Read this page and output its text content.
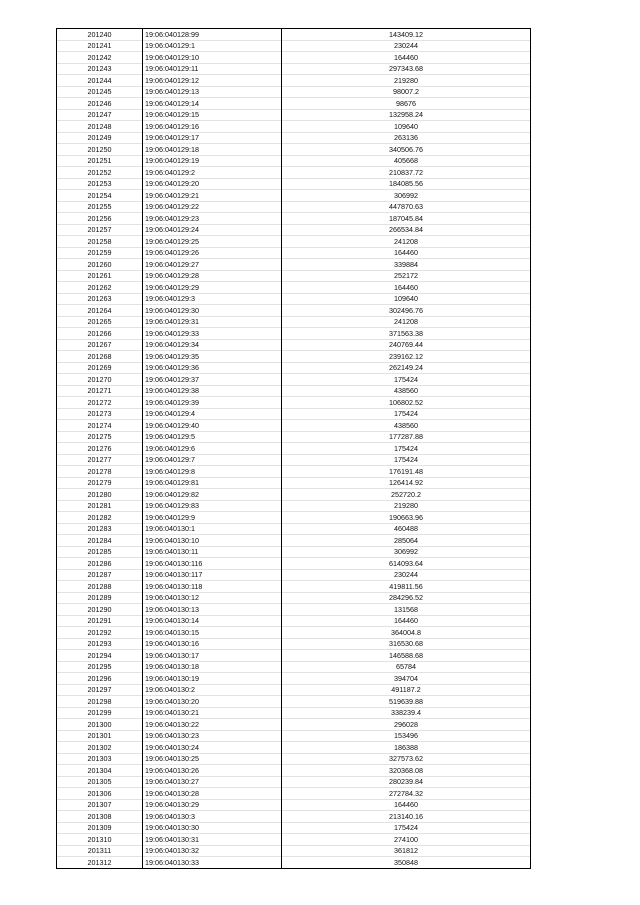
201240	19:06:040128:99	143409.12
201241	19:06:040129:1	230244
201242	19:06:040129:10	164460
201243	19:06:040129:11	297343.68
201244	19:06:040129:12	219280
201245	19:06:040129:13	98007.2
201246	19:06:040129:14	98676
201247	19:06:040129:15	132958.24
201248	19:06:040129:16	109640
201249	19:06:040129:17	263136
201250	19:06:040129:18	340506.76
201251	19:06:040129:19	405668
201252	19:06:040129:2	210837.72
201253	19:06:040129:20	184085.56
201254	19:06:040129:21	306992
201255	19:06:040129:22	447870.63
201256	19:06:040129:23	187045.84
201257	19:06:040129:24	266534.84
201258	19:06:040129:25	241208
201259	19:06:040129:26	164460
201260	19:06:040129:27	339884
201261	19:06:040129:28	252172
201262	19:06:040129:29	164460
201263	19:06:040129:3	109640
201264	19:06:040129:30	302496.76
201265	19:06:040129:31	241208
201266	19:06:040129:33	371563.38
201267	19:06:040129:34	240769.44
201268	19:06:040129:35	239162.12
201269	19:06:040129:36	262149.24
201270	19:06:040129:37	175424
201271	19:06:040129:38	438560
201272	19:06:040129:39	106802.52
201273	19:06:040129:4	175424
201274	19:06:040129:40	438560
201275	19:06:040129:5	177287.88
201276	19:06:040129:6	175424
201277	19:06:040129:7	175424
201278	19:06:040129:8	176191.48
201279	19:06:040129:81	126414.92
201280	19:06:040129:82	252720.2
201281	19:06:040129:83	219280
201282	19:06:040129:9	190663.96
201283	19:06:040130:1	460488
201284	19:06:040130:10	285064
201285	19:06:040130:11	306992
201286	19:06:040130:116	614093.64
201287	19:06:040130:117	230244
201288	19:06:040130:118	419811.56
201289	19:06:040130:12	284296.52
201290	19:06:040130:13	131568
201291	19:06:040130:14	164460
201292	19:06:040130:15	364004.8
201293	19:06:040130:16	316530.68
201294	19:06:040130:17	146588.68
201295	19:06:040130:18	65784
201296	19:06:040130:19	394704
201297	19:06:040130:2	491187.2
201298	19:06:040130:20	519639.88
201299	19:06:040130:21	338239.4
201300	19:06:040130:22	296028
201301	19:06:040130:23	153496
201302	19:06:040130:24	186388
201303	19:06:040130:25	327573.62
201304	19:06:040130:26	320368.08
201305	19:06:040130:27	280239.84
201306	19:06:040130:28	272784.32
201307	19:06:040130:29	164460
201308	19:06:040130:3	213140.16
201309	19:06:040130:30	175424
201310	19:06:040130:31	274100
201311	19:06:040130:32	361812
201312	19:06:040130:33	350848
